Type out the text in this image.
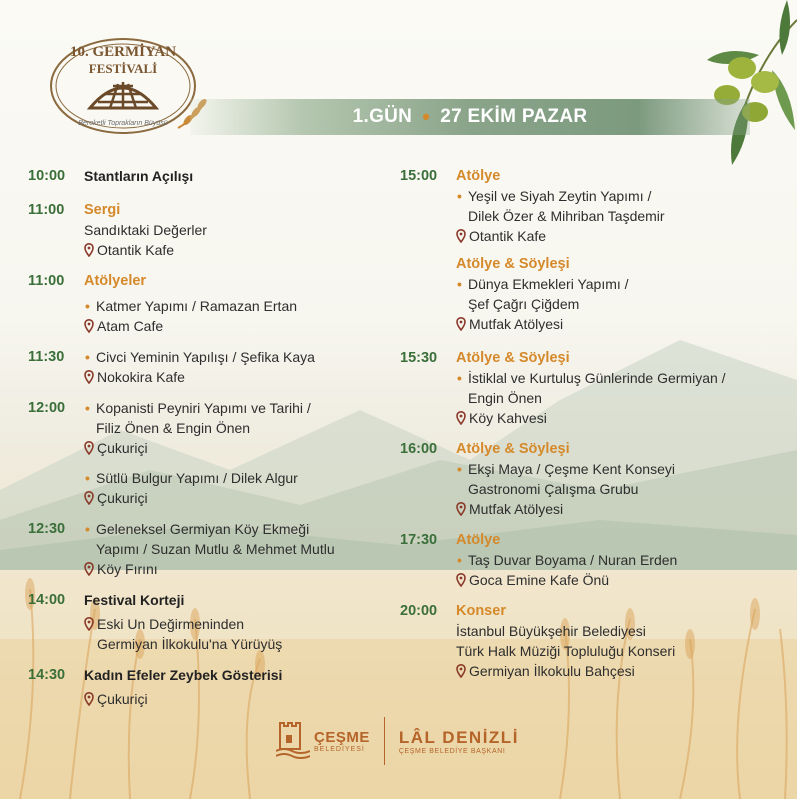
10. GERMİYAN
FESTİVALİ
Bereketli Toprakların Büyüsü	1.GÜN • 27 EKİM PAZAR
10:00	Stantların Açılışı
11:00	Sergi
Sandıktaki Değerler
Otantik Kafe
11:00	Atölyeler
• Katmer Yapımı / Ramazan Ertan
Atam Cafe
11:30	• Civci Yeminin Yapılışı / Şefika Kaya
Nokokira Kafe
12:00	• Kopanisti Peyniri Yapımı ve Tarihi /
Filiz Önen & Engin Önen
Çukuriçi
• Sütlü Bulgur Yapımı / Dilek Algur
Çukuriçi
12:30	• Geleneksel Germiyan Köy Ekmeği
Yapımı / Suzan Mutlu & Mehmet Mutlu
Köy Fırını
14:00	Festival Korteji
Eski Un Değirmeninden
Germiyan İlkokulu'na Yürüyüş
14:30	Kadın Efeler Zeybek Gösterisi
Çukuriçi
15:00	Atölye
• Yeşil ve Siyah Zeytin Yapımı /
Dilek Özer & Mihriban Taşdemir
Otantik Kafe
Atölye & Söyleşi
• Dünya Ekmekleri Yapımı /
Şef Çağrı Çiğdem
Mutfak Atölyesi
15:30	Atölye & Söyleşi
• İstiklal ve Kurtuluş Günlerinde Germiyan /
Engin Önen
Köy Kahvesi
16:00	Atölye & Söyleşi
• Ekşi Maya / Çeşme Kent Konseyi
Gastronomi Çalışma Grubu
Mutfak Atölyesi
17:30	Atölye
• Taş Duvar Boyama / Nuran Erden
Goca Emine Kafe Önü
20:00	Konser
İstanbul Büyükşehir Belediyesi
Türk Halk Müziği Topluluğu Konseri
Germiyan İlkokulu Bahçesi
ÇEŞME
BELEDİYESİ
LÂL DENİZLİ
ÇEŞME BELEDİYE BAŞKANI
